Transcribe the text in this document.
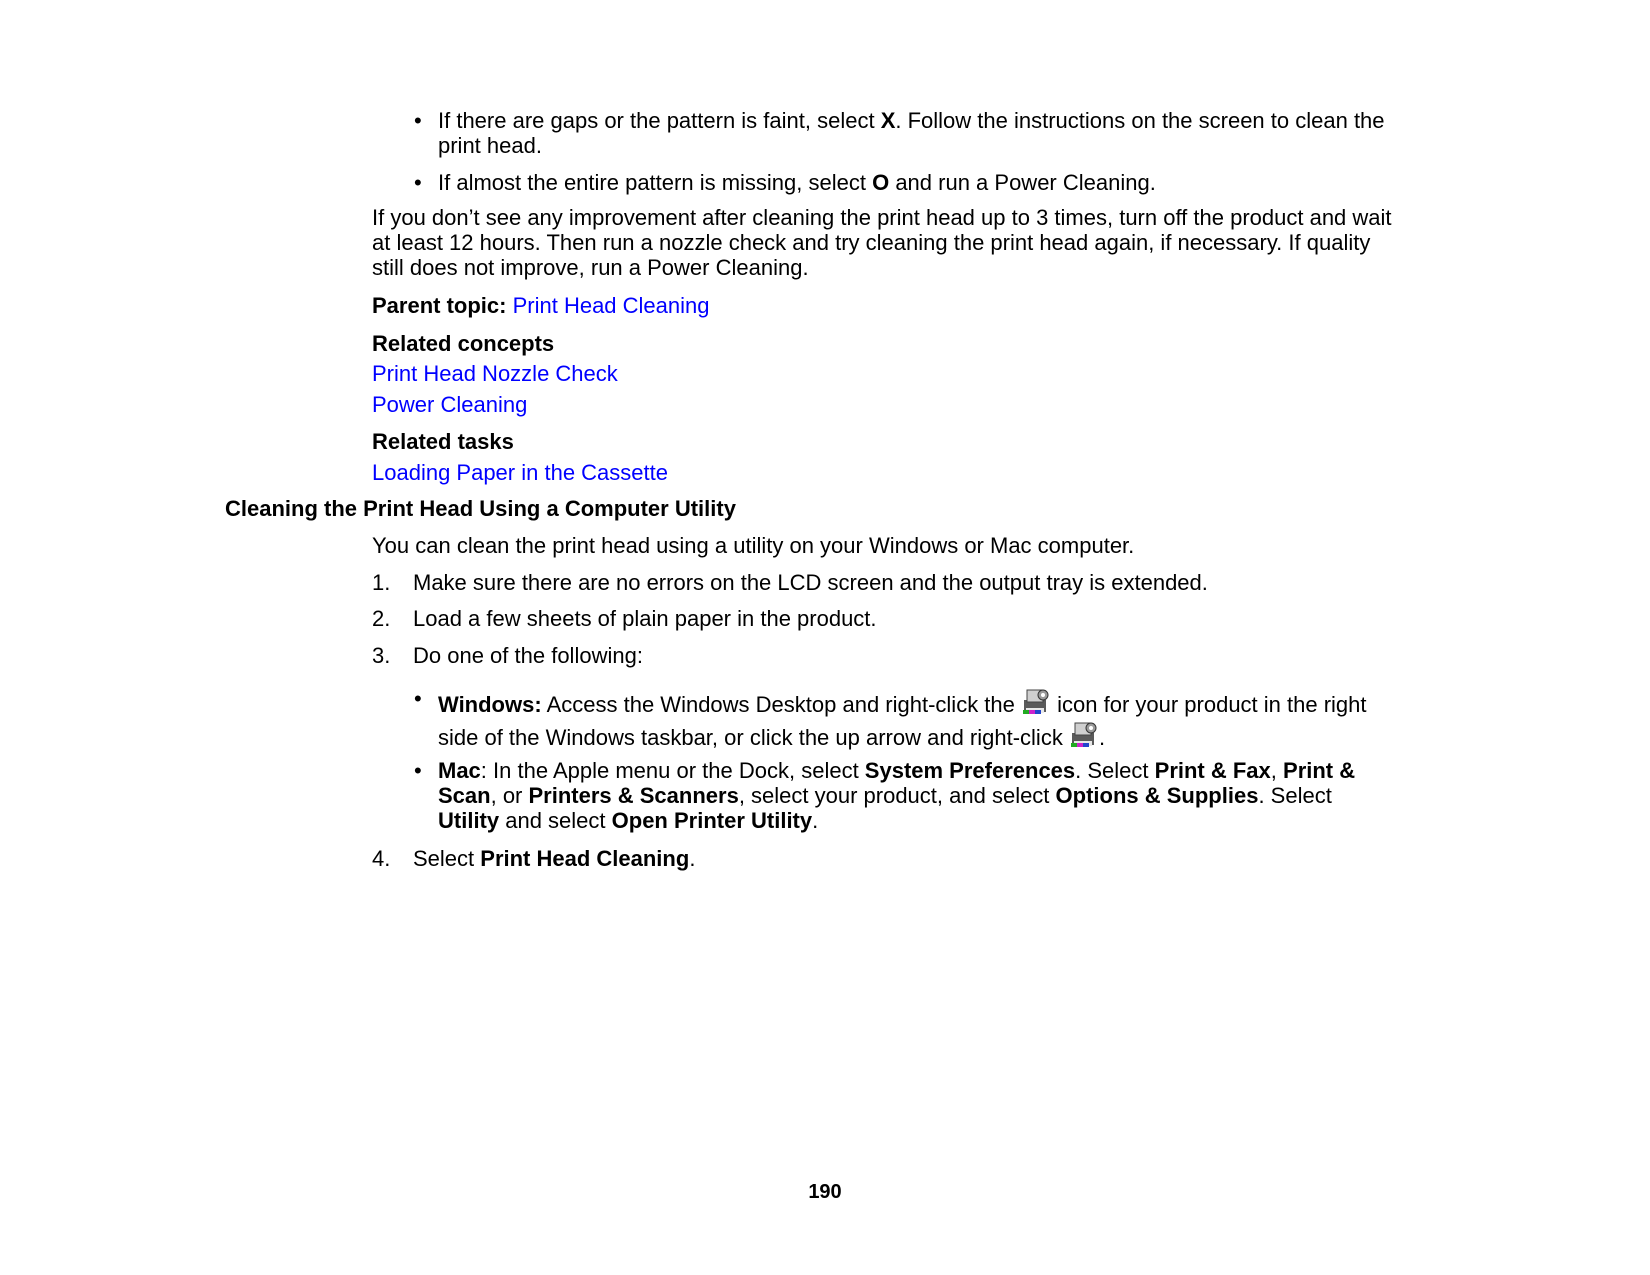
• If there are gaps or the pattern is faint, select X. Follow the instructions on the screen to clean the
print head.
• If almost the entire pattern is missing, select O and run a Power Cleaning.
If you don’t see any improvement after cleaning the print head up to 3 times, turn off the product and wait
at least 12 hours. Then run a nozzle check and try cleaning the print head again, if necessary. If quality
still does not improve, run a Power Cleaning.
Parent topic: Print Head Cleaning
Related concepts
Print Head Nozzle Check
Power Cleaning
Related tasks
Loading Paper in the Cassette
Cleaning the Print Head Using a Computer Utility
You can clean the print head using a utility on your Windows or Mac computer.
1. Make sure there are no errors on the LCD screen and the output tray is extended.
2. Load a few sheets of plain paper in the product.
3. Do one of the following:
• Windows: Access the Windows Desktop and right-click the  icon for your product in the right
side of the Windows taskbar, or click the up arrow and right-click .
• Mac: In the Apple menu or the Dock, select System Preferences. Select Print & Fax, Print &
Scan, or Printers & Scanners, select your product, and select Options & Supplies. Select
Utility and select Open Printer Utility.
4. Select Print Head Cleaning.
190
